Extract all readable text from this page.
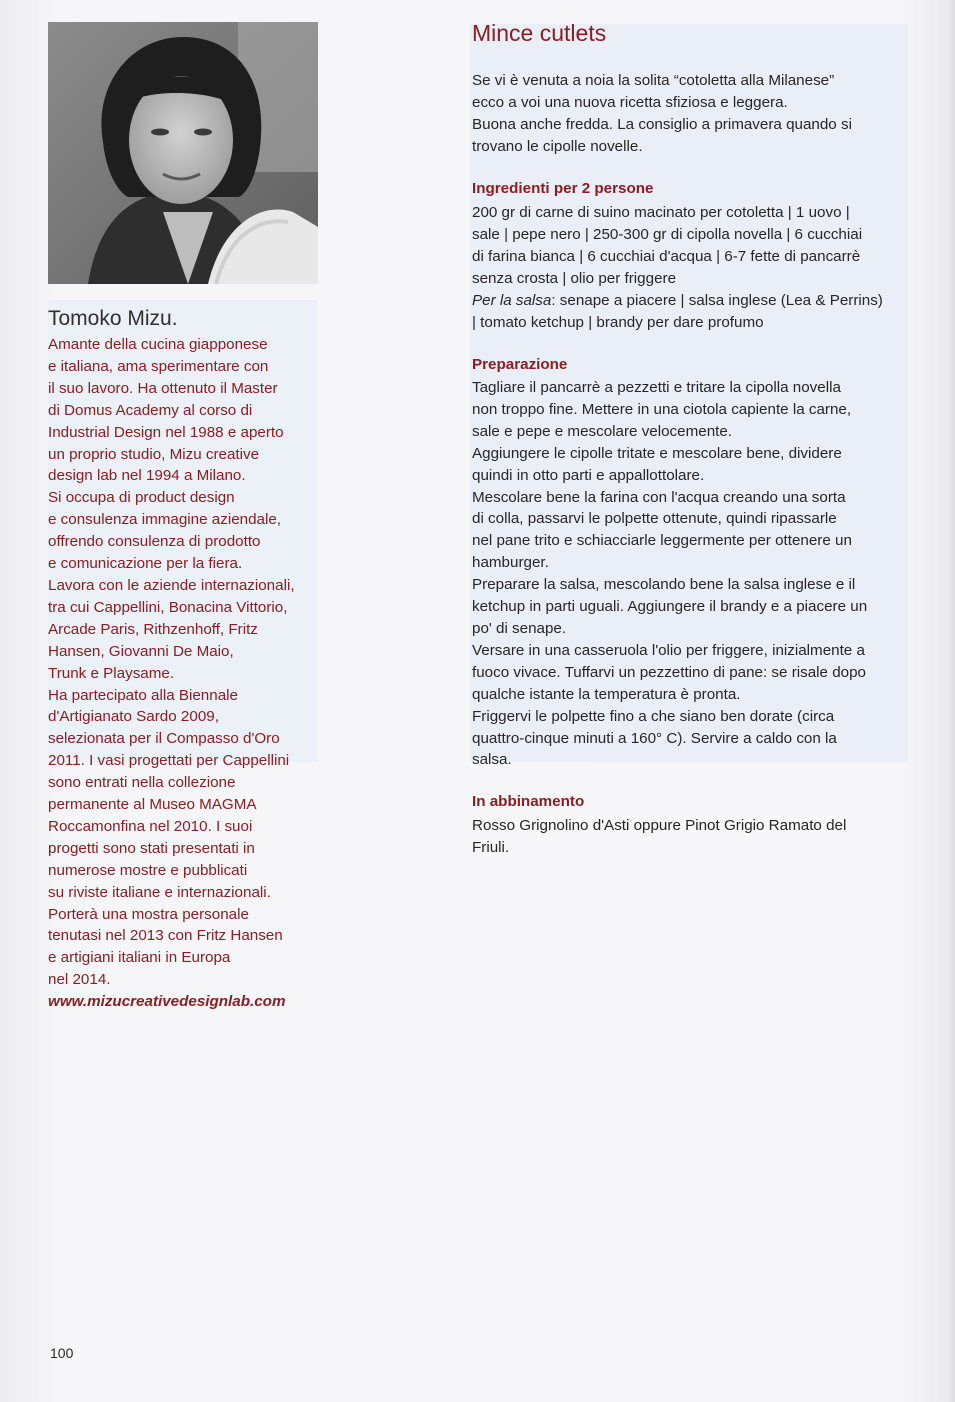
Tomoko Mizu.
Amante della cucina giapponese
e italiana, ama sperimentare con
il suo lavoro. Ha ottenuto il Master
di Domus Academy al corso di
Industrial Design nel 1988 e aperto
un proprio studio, Mizu creative
design lab nel 1994 a Milano.
Si occupa di product design
e consulenza immagine aziendale,
offrendo consulenza di prodotto
e comunicazione per la fiera.
Lavora con le aziende internazionali,
tra cui Cappellini, Bonacina Vittorio,
Arcade Paris, Rithzenhoff, Fritz
Hansen, Giovanni De Maio,
Trunk e Playsame.
Ha partecipato alla Biennale
d'Artigianato Sardo 2009,
selezionata per il Compasso d'Oro
2011. I vasi progettati per Cappellini
sono entrati nella collezione
permanente al Museo MAGMA
Roccamonfina nel 2010. I suoi
progetti sono stati presentati in
numerose mostre e pubblicati
su riviste italiane e internazionali.
Porterà una mostra personale
tenutasi nel 2013 con Fritz Hansen
e artigiani italiani in Europa
nel 2014.
www.mizucreativedesignlab.com
Mince cutlets
Se vi è venuta a noia la solita “cotoletta alla Milanese”
ecco a voi una nuova ricetta sfiziosa e leggera.
Buona anche fredda. La consiglio a primavera quando si
trovano le cipolle novelle.
Ingredienti per 2 persone
200 gr di carne di suino macinato per cotoletta | 1 uovo |
sale | pepe nero | 250-300 gr di cipolla novella | 6 cucchiai
di farina bianca | 6 cucchiai d'acqua | 6-7 fette di pancarrè
senza crosta | olio per friggere
Per la salsa: senape a piacere | salsa inglese (Lea & Perrins)
| tomato ketchup | brandy per dare profumo
Preparazione
Tagliare il pancarrè a pezzetti e tritare la cipolla novella
non troppo fine. Mettere in una ciotola capiente la carne,
sale e pepe e mescolare velocemente.
Aggiungere le cipolle tritate e mescolare bene, dividere
quindi in otto parti e appallottolare.
Mescolare bene la farina con l'acqua creando una sorta
di colla, passarvi le polpette ottenute, quindi ripassarle
nel pane trito e schiacciarle leggermente per ottenere un
hamburger.
Preparare la salsa, mescolando bene la salsa inglese e il
ketchup in parti uguali. Aggiungere il brandy e a piacere un
po' di senape.
Versare in una casseruola l'olio per friggere, inizialmente a
fuoco vivace. Tuffarvi un pezzettino di pane: se risale dopo
qualche istante la temperatura è pronta.
Friggervi le polpette fino a che siano ben dorate (circa
quattro-cinque minuti a 160° C). Servire a caldo con la
salsa.
In abbinamento
Rosso Grignolino d'Asti oppure Pinot Grigio Ramato del
Friuli.
100
